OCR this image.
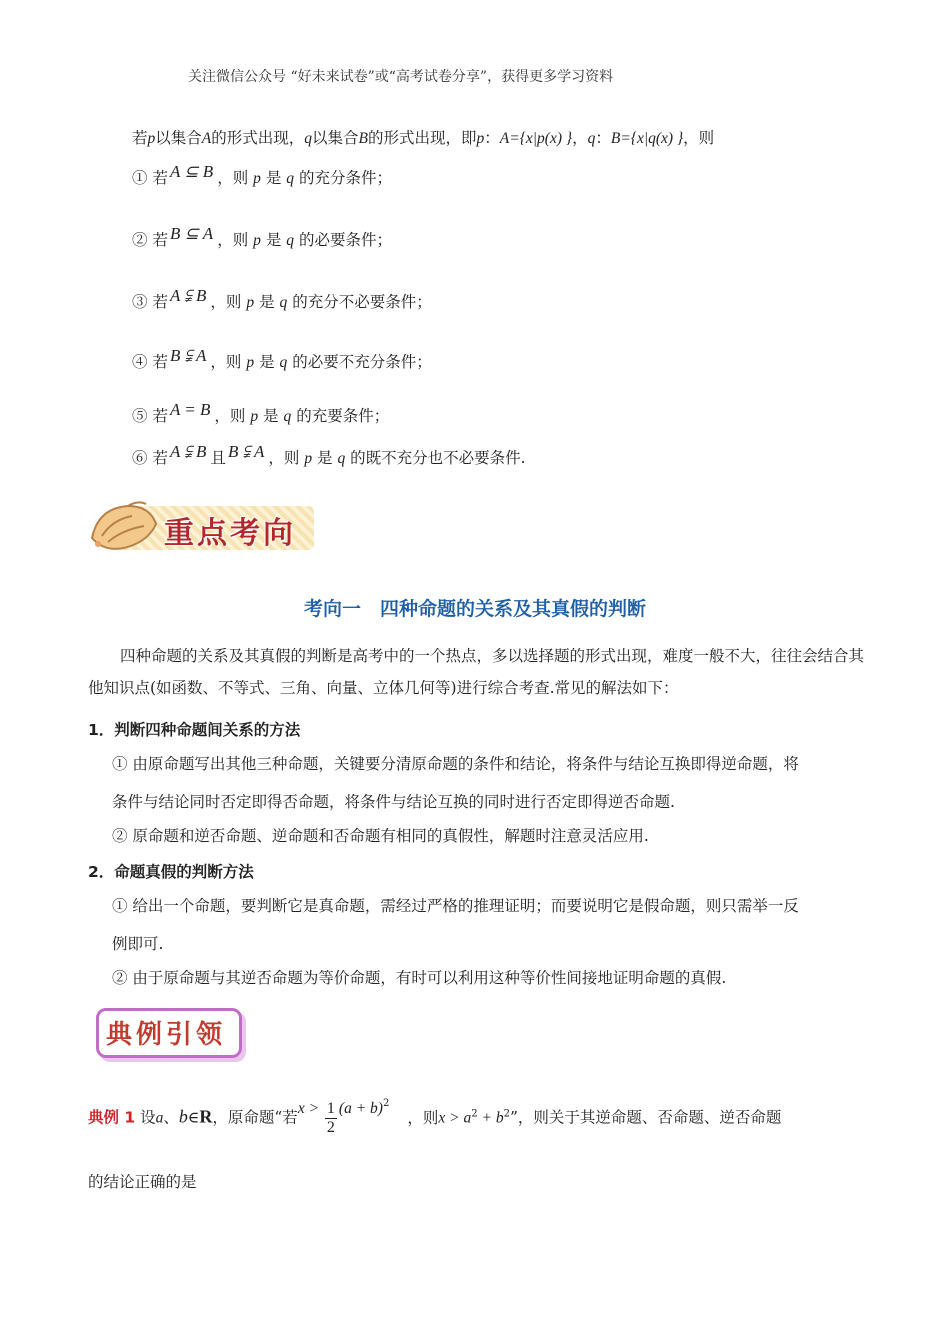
关注微信公众号 “好未来试卷”或“高考试卷分享”，获得更多学习资料
若p以集合A的形式出现，q以集合B的形式出现，即p：A={x|p(x) }，q：B={x|q(x) }，则
① 若 A ⊆ B ，则 p 是 q 的充分条件；
② 若 B ⊆ A ，则 p 是 q 的必要条件；
③ 若 A ⫋ B ，则 p 是 q 的充分不必要条件；
④ 若 B ⫋ A ，则 p 是 q 的必要不充分条件；
⑤ 若 A = B ，则 p 是 q 的充要条件；
⑥ 若 A ⫋ B 且 B ⫋ A ，则 p 是 q 的既不充分也不必要条件.
重点考向
考向一　四种命题的关系及其真假的判断
四种命题的关系及其真假的判断是高考中的一个热点，多以选择题的形式出现，难度一般不大，往往会结合其他知识点(如函数、不等式、三角、向量、立体几何等)进行综合考查.常见的解法如下：
1．判断四种命题间关系的方法
① 由原命题写出其他三种命题，关键要分清原命题的条件和结论，将条件与结论互换即得逆命题，将
条件与结论同时否定即得否命题，将条件与结论互换的同时进行否定即得逆否命题.
② 原命题和逆否命题、逆命题和否命题有相同的真假性，解题时注意灵活应用.
2．命题真假的判断方法
① 给出一个命题，要判断它是真命题，需经过严格的推理证明；而要说明它是假命题，则只需举一反
例即可.
② 由于原命题与其逆否命题为等价命题，有时可以利用这种等价性间接地证明命题的真假.
典例引领
典例 1 设a、b∈R，原命题“若$x > \frac{1}{2} (a + b)^2$，则$x > a^2 + b^2$”，则关于其逆命题、否命题、逆否命题
的结论正确的是
